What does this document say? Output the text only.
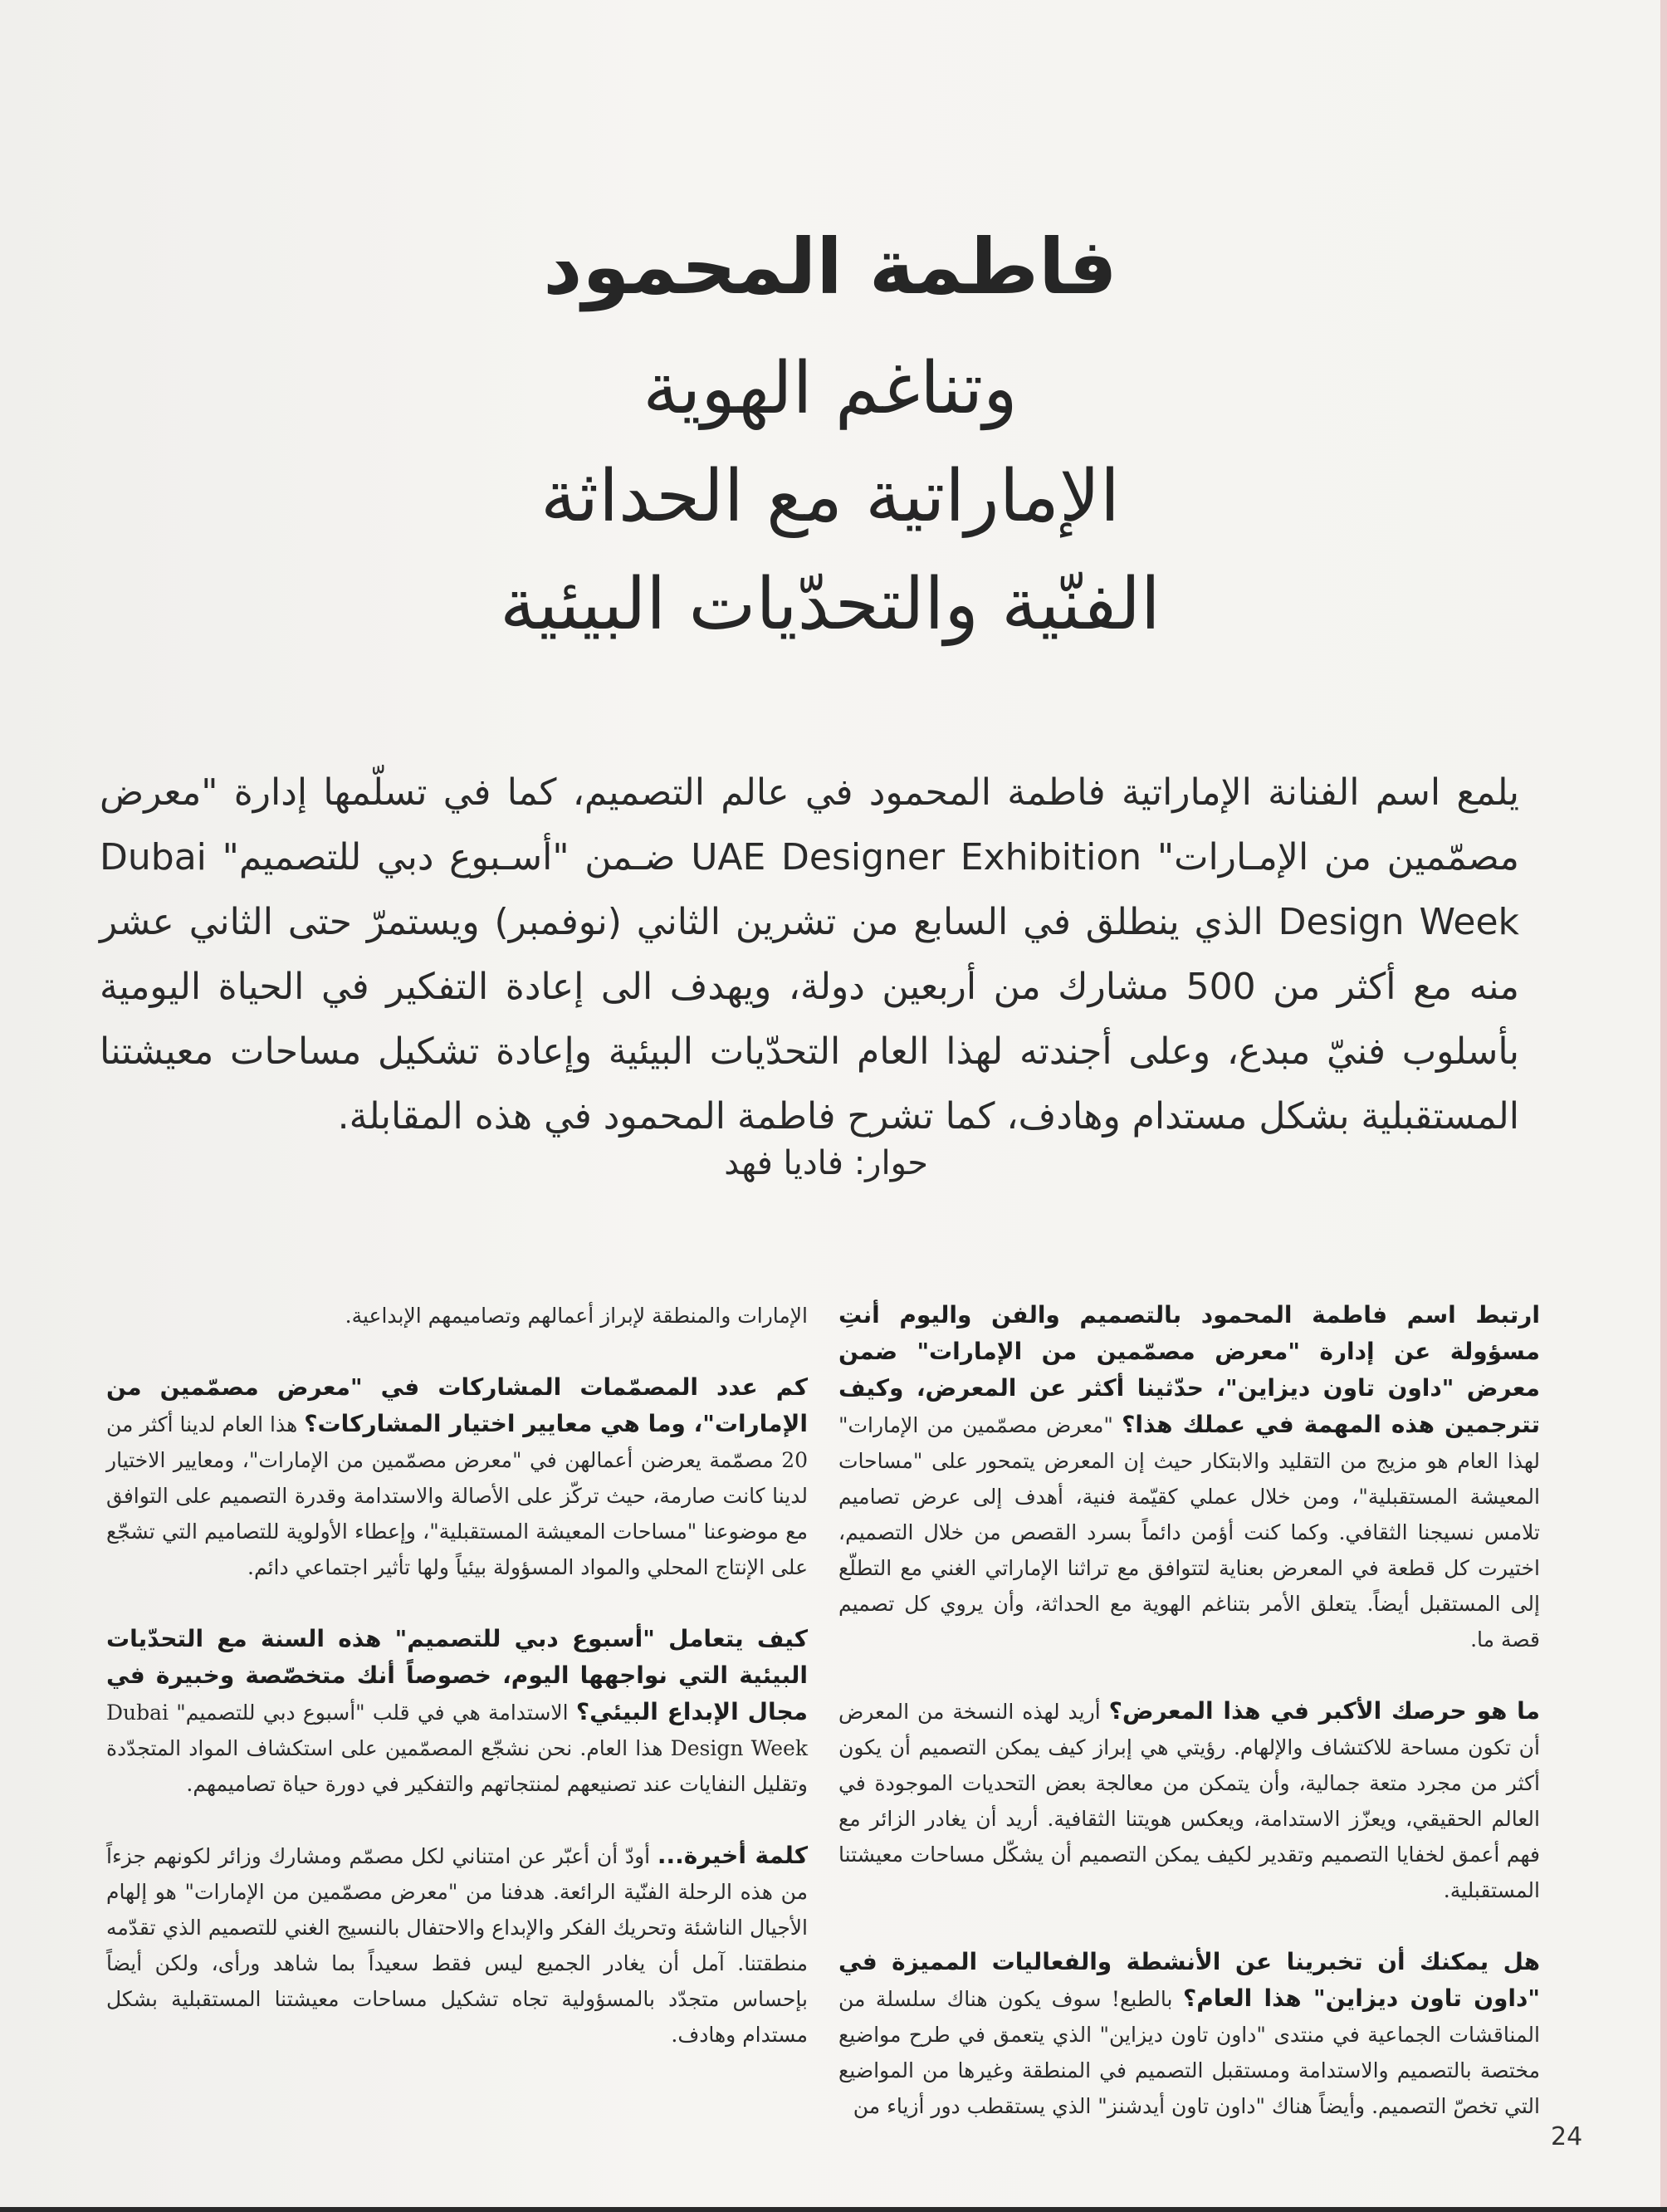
فاطمة المحمود
وتناغم الهوية
الإماراتية مع الحداثة
الفنّية والتحدّيات البيئية
يلمع اسم الفنانة الإماراتية فاطمة المحمود في عالم التصميم، كما في تسلّمها إدارة "معرض مصمّمين من الإمـارات" UAE Designer Exhibition ضـمن "أسـبوع دبي للتصميم" Dubai Design Week الذي ينطلق في السابع من تشرين الثاني (نوفمبر) ويستمرّ حتى الثاني عشر منه مع أكثر من 500 مشارك من أربعين دولة، ويهدف الى إعادة التفكير في الحياة اليومية بأسلوب فنيّ مبدع، وعلى أجندته لهذا العام التحدّيات البيئية وإعادة تشكيل مساحات معيشتنا المستقبلية بشكل مستدام وهادف، كما تشرح فاطمة المحمود في هذه المقابلة.
حوار: فاديا فهد

ارتبط اسم فاطمة المحمود بالتصميم والفن واليوم أنتِ مسؤولة عن إدارة "معرض مصمّمين من الإمارات" ضمن معرض "داون تاون ديزاين"، حدّثينا أكثر عن المعرض، وكيف تترجمين هذه المهمة في عملك هذا؟ "معرض مصمّمين من الإمارات" لهذا العام هو مزيج من التقليد والابتكار حيث إن المعرض يتمحور على "مساحات المعيشة المستقبلية"، ومن خلال عملي كقيّمة فنية، أهدف إلى عرض تصاميم تلامس نسيجنا الثقافي. وكما كنت أؤمن دائماً بسرد القصص من خلال التصميم، اختيرت كل قطعة في المعرض بعناية لتتوافق مع تراثنا الإماراتي الغني مع التطلّع إلى المستقبل أيضاً. يتعلق الأمر بتناغم الهوية مع الحداثة، وأن يروي كل تصميم قصة ما.

ما هو حرصك الأكبر في هذا المعرض؟ أريد لهذه النسخة من المعرض أن تكون مساحة للاكتشاف والإلهام. رؤيتي هي إبراز كيف يمكن التصميم أن يكون أكثر من مجرد متعة جمالية، وأن يتمكن من معالجة بعض التحديات الموجودة في العالم الحقيقي، ويعزّز الاستدامة، ويعكس هويتنا الثقافية. أريد أن يغادر الزائر مع فهم أعمق لخفايا التصميم وتقدير لكيف يمكن التصميم أن يشكّل مساحات معيشتنا المستقبلية.

هل يمكنك أن تخبرينا عن الأنشطة والفعاليات المميزة في "داون تاون ديزاين" هذا العام؟ بالطبع! سوف يكون هناك سلسلة من المناقشات الجماعية في منتدى "داون تاون ديزاين" الذي يتعمق في طرح مواضيع مختصة بالتصميم والاستدامة ومستقبل التصميم في المنطقة وغيرها من المواضيع التي تخصّ التصميم. وأيضاً هناك "داون تاون أيدشنز" الذي يستقطب دور أزياء من

الإمارات والمنطقة لإبراز أعمالهم وتصاميمهم الإبداعية.

كم عدد المصمّمات المشاركات في "معرض مصمّمين من الإمارات"، وما هي معايير اختيار المشاركات؟ هذا العام لدينا أكثر من 20 مصمّمة يعرضن أعمالهن في "معرض مصمّمين من الإمارات"، ومعايير الاختيار لدينا كانت صارمة، حيث تركّز على الأصالة والاستدامة وقدرة التصميم على التوافق مع موضوعنا "مساحات المعيشة المستقبلية"، وإعطاء الأولوية للتصاميم التي تشجّع على الإنتاج المحلي والمواد المسؤولة بيئياً ولها تأثير اجتماعي دائم.

كيف يتعامل "أسبوع دبي للتصميم" هذه السنة مع التحدّيات البيئية التي نواجهها اليوم، خصوصاً أنك متخصّصة وخبيرة في مجال الإبداع البيئي؟ الاستدامة هي في قلب "أسبوع دبي للتصميم" Dubai Design Week هذا العام. نحن نشجّع المصمّمين على استكشاف المواد المتجدّدة وتقليل النفايات عند تصنيعهم لمنتجاتهم والتفكير في دورة حياة تصاميمهم.

كلمة أخيرة... أودّ أن أعبّر عن امتناني لكل مصمّم ومشارك وزائر لكونهم جزءاً من هذه الرحلة الفنّية الرائعة. هدفنا من "معرض مصمّمين من الإمارات" هو إلهام الأجيال الناشئة وتحريك الفكر والإبداع والاحتفال بالنسيج الغني للتصميم الذي تقدّمه منطقتنا. آمل أن يغادر الجميع ليس فقط سعيداً بما شاهد ورأى، ولكن أيضاً بإحساس متجدّد بالمسؤولية تجاه تشكيل مساحات معيشتنا المستقبلية بشكل مستدام وهادف.

24
